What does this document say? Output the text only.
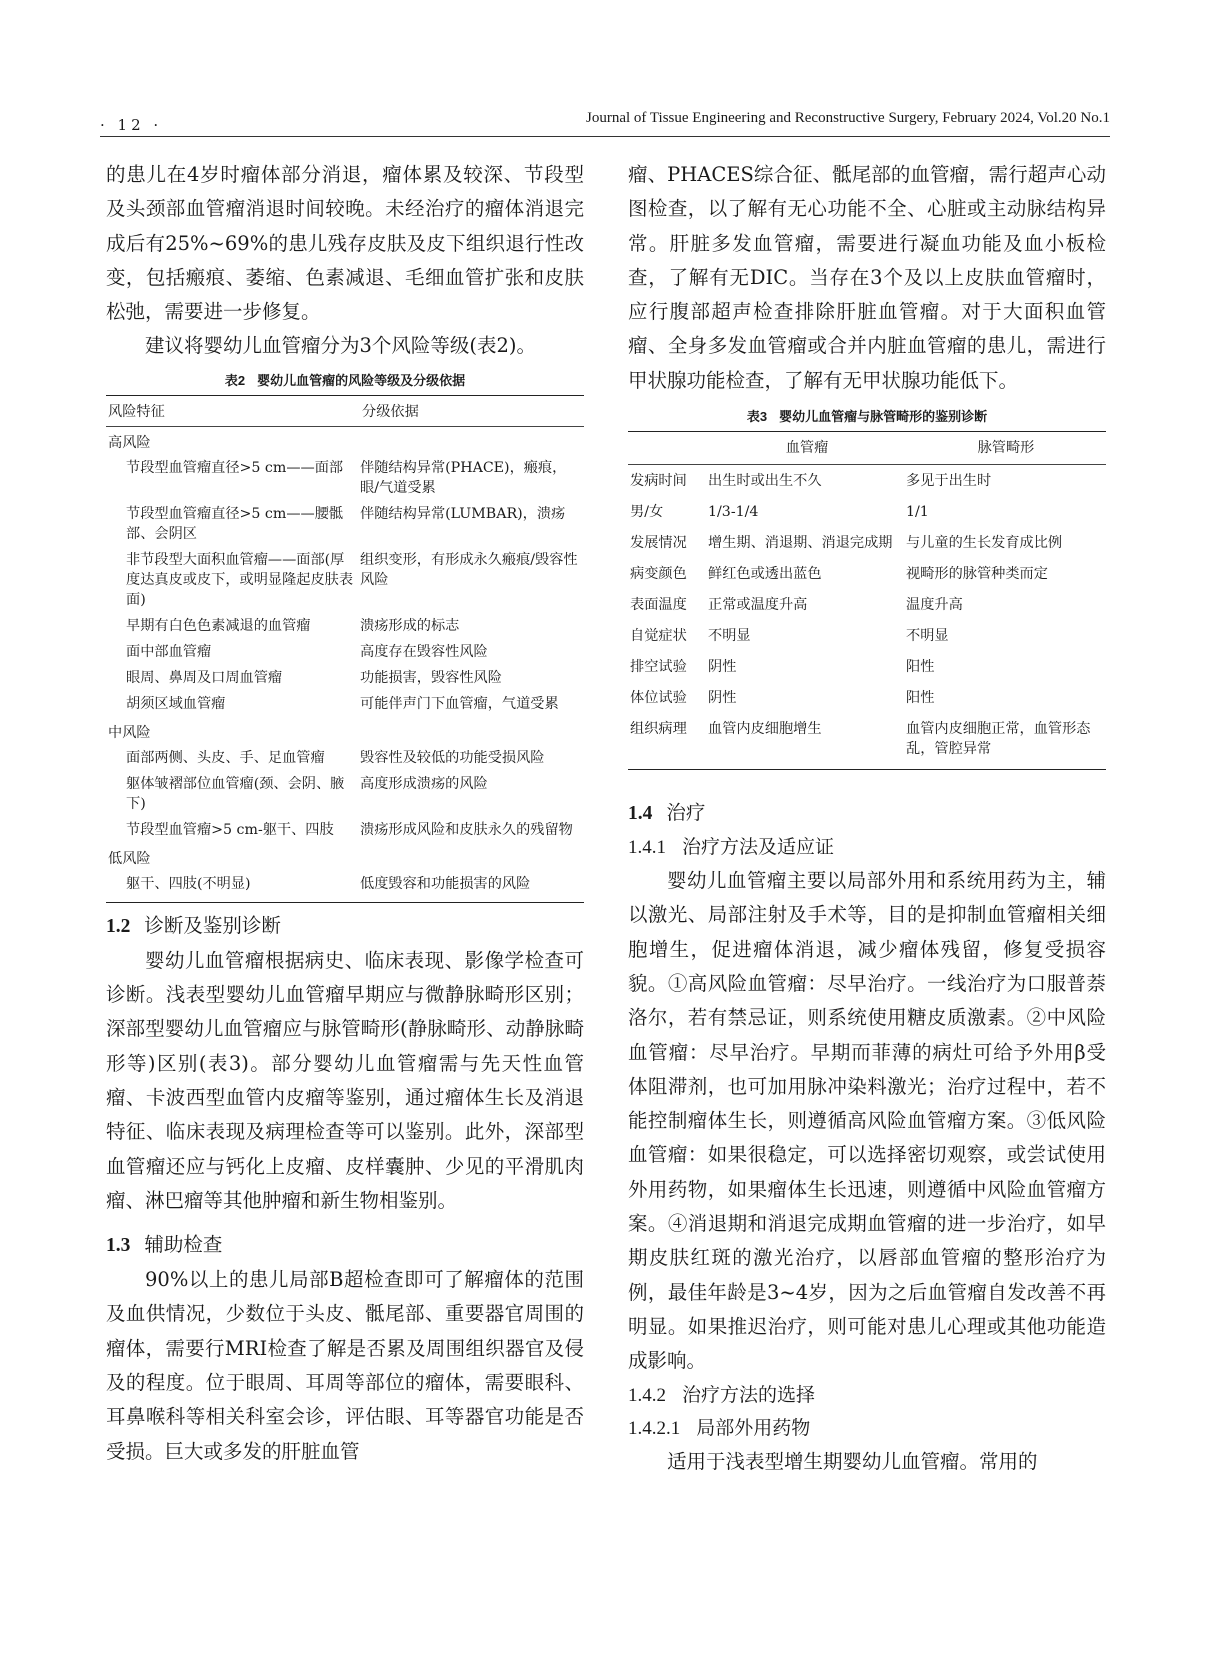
· 12 ·	Journal of Tissue Engineering and Reconstructive Surgery, February 2024, Vol.20 No.1

的患儿在4岁时瘤体部分消退，瘤体累及较深、节段型及头颈部血管瘤消退时间较晚。未经治疗的瘤体消退完成后有25%~69%的患儿残存皮肤及皮下组织退行性改变，包括瘢痕、萎缩、色素减退、毛细血管扩张和皮肤松弛，需要进一步修复。

建议将婴幼儿血管瘤分为3个风险等级(表2)。

表2 婴幼儿血管瘤的风险等级及分级依据
风险特征	分级依据
高风险	
节段型血管瘤直径>5 cm——面部	伴随结构异常(PHACE)，瘢痕，眼/气道受累
节段型血管瘤直径>5 cm——腰骶部、会阴区	伴随结构异常(LUMBAR)，溃疡
非节段型大面积血管瘤——面部(厚度达真皮或皮下，或明显隆起皮肤表面)	组织变形，有形成永久瘢痕/毁容性风险
早期有白色色素减退的血管瘤	溃疡形成的标志
面中部血管瘤	高度存在毁容性风险
眼周、鼻周及口周血管瘤	功能损害，毁容性风险
胡须区域血管瘤	可能伴声门下血管瘤，气道受累
中风险	
面部两侧、头皮、手、足血管瘤	毁容性及较低的功能受损风险
躯体皱褶部位血管瘤(颈、会阴、腋下)	高度形成溃疡的风险
节段型血管瘤>5 cm-躯干、四肢	溃疡形成风险和皮肤永久的残留物
低风险	
躯干、四肢(不明显)	低度毁容和功能损害的风险
1.2 诊断及鉴别诊断

婴幼儿血管瘤根据病史、临床表现、影像学检查可诊断。浅表型婴幼儿血管瘤早期应与微静脉畸形区别；深部型婴幼儿血管瘤应与脉管畸形(静脉畸形、动静脉畸形等)区别(表3)。部分婴幼儿血管瘤需与先天性血管瘤、卡波西型血管内皮瘤等鉴别，通过瘤体生长及消退特征、临床表现及病理检查等可以鉴别。此外，深部型血管瘤还应与钙化上皮瘤、皮样囊肿、少见的平滑肌肉瘤、淋巴瘤等其他肿瘤和新生物相鉴别。

1.3 辅助检查

90%以上的患儿局部B超检查即可了解瘤体的范围及血供情况，少数位于头皮、骶尾部、重要器官周围的瘤体，需要行MRI检查了解是否累及周围组织器官及侵及的程度。位于眼周、耳周等部位的瘤体，需要眼科、耳鼻喉科等相关科室会诊，评估眼、耳等器官功能是否受损。巨大或多发的肝脏血管

瘤、PHACES综合征、骶尾部的血管瘤，需行超声心动图检查，以了解有无心功能不全、心脏或主动脉结构异常。肝脏多发血管瘤，需要进行凝血功能及血小板检查，了解有无DIC。当存在3个及以上皮肤血管瘤时，应行腹部超声检查排除肝脏血管瘤。对于大面积血管瘤、全身多发血管瘤或合并内脏血管瘤的患儿，需进行甲状腺功能检查，了解有无甲状腺功能低下。

表3 婴幼儿血管瘤与脉管畸形的鉴别诊断
	血管瘤	脉管畸形
发病时间	出生时或出生不久	多见于出生时
男/女	1/3-1/4	1/1
发展情况	增生期、消退期、消退完成期	与儿童的生长发育成比例
病变颜色	鲜红色或透出蓝色	视畸形的脉管种类而定
表面温度	正常或温度升高	温度升高
自觉症状	不明显	不明显
排空试验	阴性	阳性
体位试验	阴性	阳性
组织病理	血管内皮细胞增生	血管内皮细胞正常，血管形态乱，管腔异常
1.4 治疗
1.4.1 治疗方法及适应证

婴幼儿血管瘤主要以局部外用和系统用药为主，辅以激光、局部注射及手术等，目的是抑制血管瘤相关细胞增生，促进瘤体消退，减少瘤体残留，修复受损容貌。①高风险血管瘤：尽早治疗。一线治疗为口服普萘洛尔，若有禁忌证，则系统使用糖皮质激素。②中风险血管瘤：尽早治疗。早期而菲薄的病灶可给予外用β受体阻滞剂，也可加用脉冲染料激光；治疗过程中，若不能控制瘤体生长，则遵循高风险血管瘤方案。③低风险血管瘤：如果很稳定，可以选择密切观察，或尝试使用外用药物，如果瘤体生长迅速，则遵循中风险血管瘤方案。④消退期和消退完成期血管瘤的进一步治疗，如早期皮肤红斑的激光治疗，以唇部血管瘤的整形治疗为例，最佳年龄是3~4岁，因为之后血管瘤自发改善不再明显。如果推迟治疗，则可能对患儿心理或其他功能造成影响。

1.4.2 治疗方法的选择
1.4.2.1 局部外用药物

适用于浅表型增生期婴幼儿血管瘤。常用的
